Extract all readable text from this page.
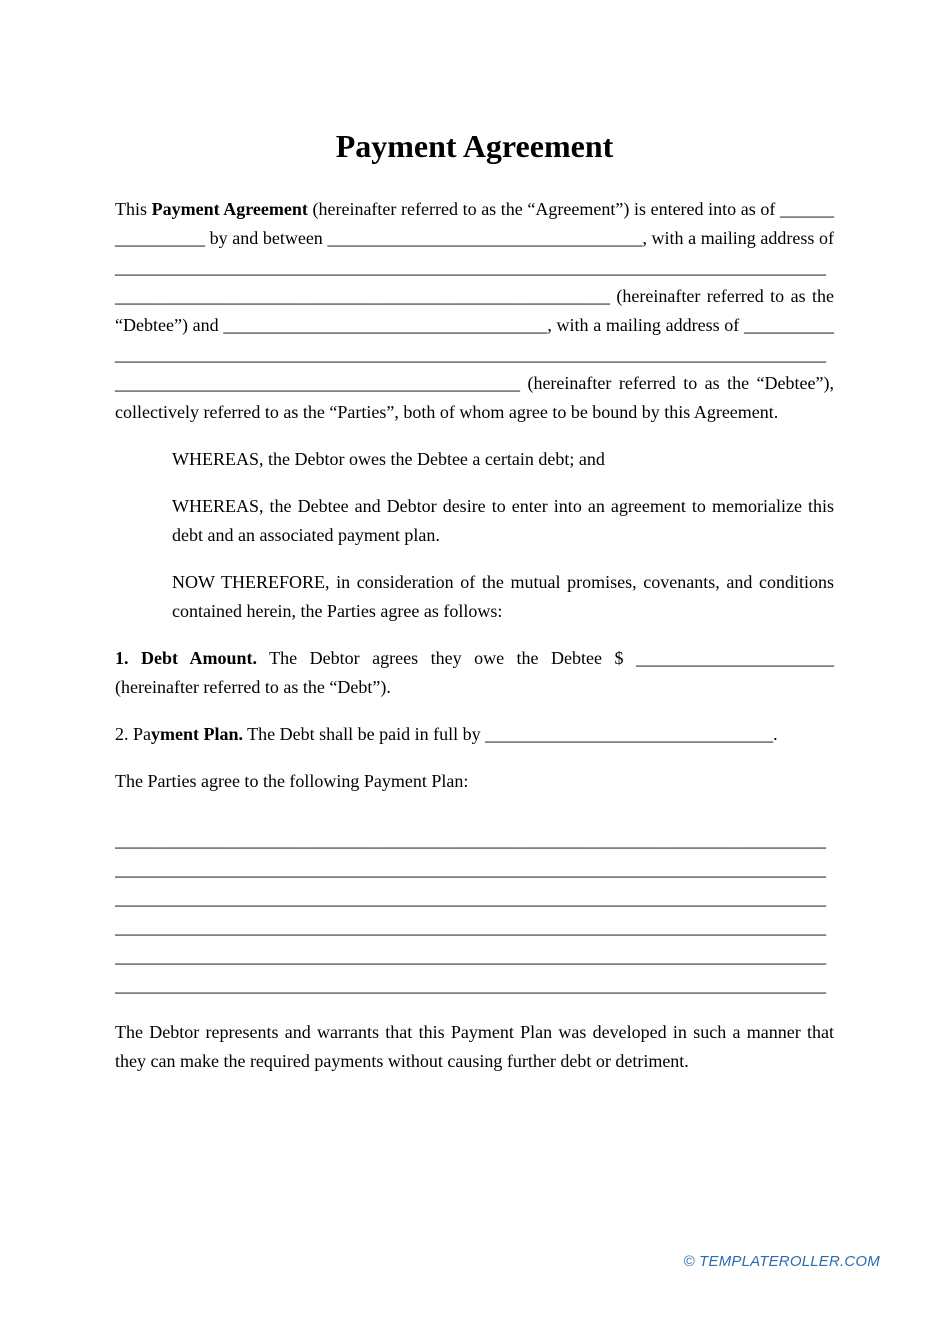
Payment Agreement

This Payment Agreement (hereinafter referred to as the “Agreement”) is entered into as of ________________ by and between ___________________________________, with a mailing address of ______________________________________________________________________________________________________________________________________ (hereinafter referred to as the “Debtee”) and ____________________________________, with a mailing address of ______________________________________________________________________________________________________________________________________ (hereinafter referred to as the “Debtee”), collectively referred to as the “Parties”, both of whom agree to be bound by this Agreement.

WHEREAS, the Debtor owes the Debtee a certain debt; and

WHEREAS, the Debtee and Debtor desire to enter into an agreement to memorialize this debt and an associated payment plan.

NOW THEREFORE, in consideration of the mutual promises, covenants, and conditions contained herein, the Parties agree as follows:

1. Debt Amount. The Debtor agrees they owe the Debtee $ ______________________ (hereinafter referred to as the “Debt”).

2. Payment Plan. The Debt shall be paid in full by ________________________________.

The Parties agree to the following Payment Plan:

_______________________________________________________________________________
_______________________________________________________________________________
_______________________________________________________________________________
_______________________________________________________________________________
_______________________________________________________________________________
_______________________________________________________________________________

The Debtor represents and warrants that this Payment Plan was developed in such a manner that they can make the required payments without causing further debt or detriment.

© TEMPLATEROLLER.COM
